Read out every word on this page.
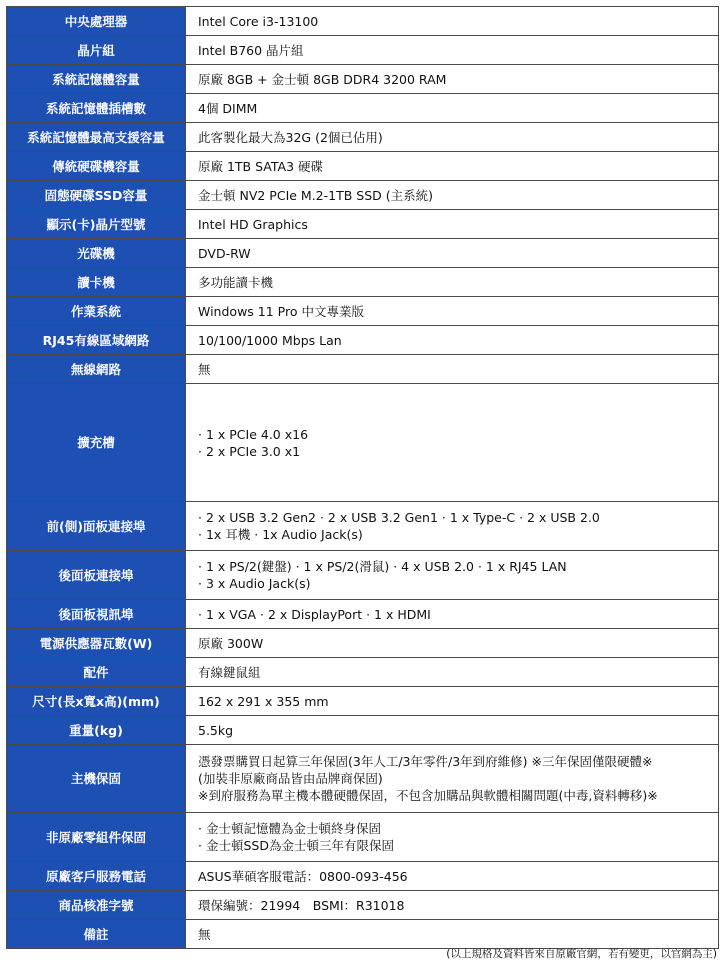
中央處理器	Intel Core i3-13100

晶片組	Intel B760 晶片組

系統記憶體容量	原廠 8GB + 金士頓 8GB DDR4 3200 RAM

系統記憶體插槽數	4個 DIMM

系統記憶體最高支援容量	此客製化最大為32G (2個已佔用)

傳統硬碟機容量	原廠 1TB SATA3 硬碟

固態硬碟SSD容量	金士頓 NV2 PCIe M.2-1TB SSD (主系統)

顯示(卡)晶片型號	Intel HD Graphics

光碟機	DVD-RW

讀卡機	多功能讀卡機

作業系統	Windows 11 Pro 中文專業版

RJ45有線區域網路	10/100/1000 Mbps Lan

無線網路	無

擴充槽	· 1 x PCIe 4.0 x16
· 2 x PCIe 3.0 x1

前(側)面板連接埠	· 2 x USB 3.2 Gen2 · 2 x USB 3.2 Gen1 · 1 x Type-C · 2 x USB 2.0
· 1x 耳機 · 1x Audio Jack(s)

後面板連接埠	· 1 x PS/2(鍵盤) · 1 x PS/2(滑鼠) · 4 x USB 2.0 · 1 x RJ45 LAN
· 3 x Audio Jack(s)

後面板視訊埠	· 1 x VGA · 2 x DisplayPort · 1 x HDMI

電源供應器瓦數(W)	原廠 300W

配件	有線鍵鼠組

尺寸(長x寬x高)(mm)	162 x 291 x 355 mm

重量(kg)	5.5kg

主機保固	憑發票購買日起算三年保固(3年人工/3年零件/3年到府維修) ※三年保固僅限硬體※
(加裝非原廠商品皆由品牌商保固)
※到府服務為單主機本體硬體保固，不包含加購品與軟體相關問題(中毒,資料轉移)※

非原廠零組件保固	· 金士頓記憶體為金士頓終身保固
· 金士頓SSD為金士頓三年有限保固

原廠客戶服務電話	ASUS華碩客服電話：0800-093-456

商品核准字號	環保編號：21994　BSMI：R31018

備註	無
(以上規格及資料皆來自原廠官網，若有變更，以官網為主)
